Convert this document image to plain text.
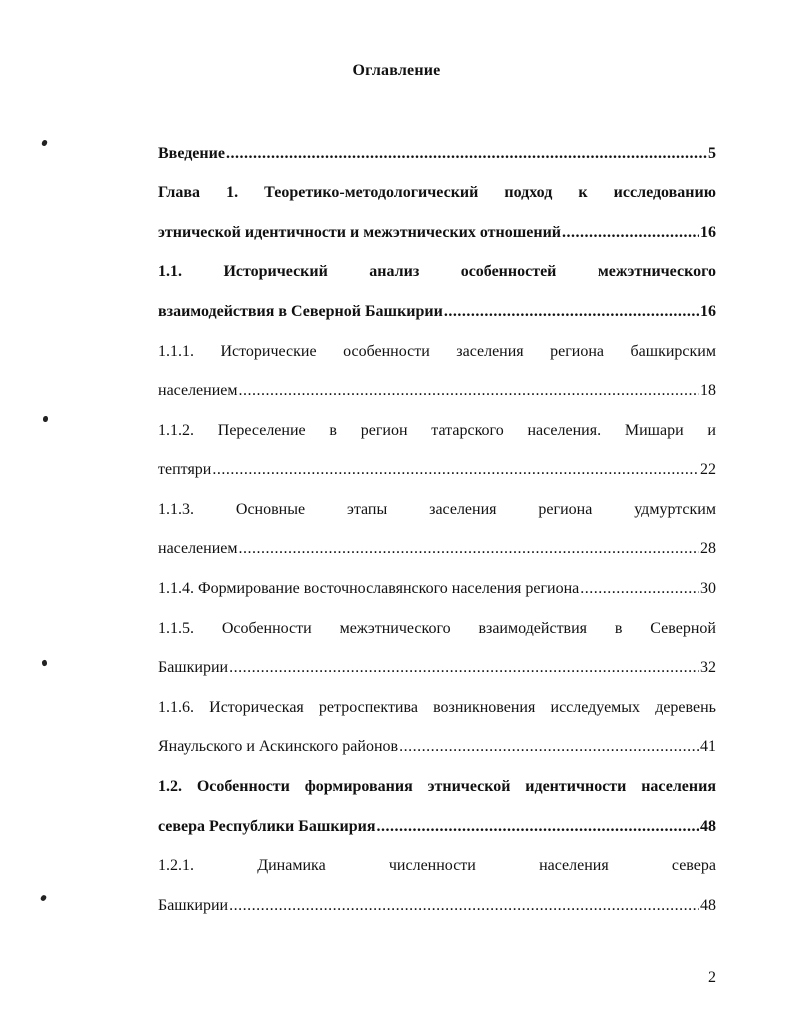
Оглавление
Введение .....	5
Глава 1. Теоретико-методологический подход к исследованию
этнической идентичности и межэтнических отношений .....	16
1.1.	Исторический	анализ	особенностей	межэтнического
взаимодействия в Северной Башкирии .....	16
1.1.1. Исторические особенности заселения региона башкирским
населением .....	18
1.1.2. Переселение в регион татарского населения. Мишари и
тептяри .....	22
1.1.3.	Основные	этапы	заселения	региона	удмуртским
населением .....	28
1.1.4. Формирование восточнославянского населения региона .....	30
1.1.5. Особенности межэтнического взаимодействия в Северной
Башкирии .....	32
1.1.6. Историческая ретроспектива возникновения исследуемых деревень
Янаульского и Аскинского районов .....	41
1.2. Особенности формирования этнической идентичности населения
севера Республики Башкирия .....	48
1.2.1.	Динамика	численности	населения	севера
Башкирии .....	48
2
